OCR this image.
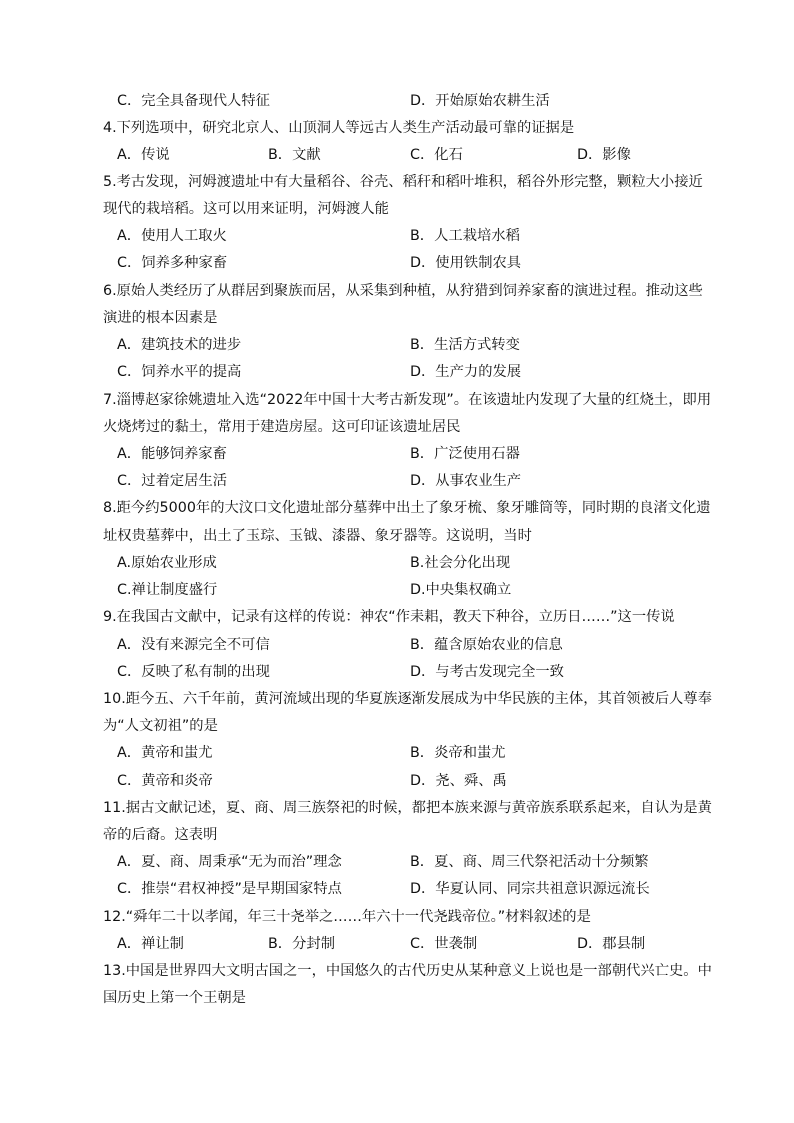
C．完全具备现代人特征	D．开始原始农耕生活
4.下列选项中，研究北京人、山顶洞人等远古人类生产活动最可靠的证据是
A．传说	B．文献	C．化石	D．影像
5.考古发现，河姆渡遗址中有大量稻谷、谷壳、稻秆和稻叶堆积，稻谷外形完整，颗粒大小接近
现代的栽培稻。这可以用来证明，河姆渡人能
A．使用人工取火	B．人工栽培水稻
C．饲养多种家畜	D．使用铁制农具
6.原始人类经历了从群居到聚族而居，从采集到种植，从狩猎到饲养家畜的演进过程。推动这些
演进的根本因素是
A．建筑技术的进步	B．生活方式转变
C．饲养水平的提高	D．生产力的发展
7.淄博赵家徐姚遗址入选“2022年中国十大考古新发现”。在该遗址内发现了大量的红烧土，即用
火烧烤过的黏土，常用于建造房屋。这可印证该遗址居民
A．能够饲养家畜	B．广泛使用石器
C．过着定居生活	D．从事农业生产
8.距今约5000年的大汶口文化遗址部分墓葬中出土了象牙梳、象牙雕筒等，同时期的良渚文化遗
址权贵墓葬中，出土了玉琮、玉钺、漆器、象牙器等。这说明，当时
A.原始农业形成	B.社会分化出现
C.禅让制度盛行	D.中央集权确立
9.在我国古文献中，记录有这样的传说：神农“作耒耜，教天下种谷，立历日……”这一传说
A．没有来源完全不可信	B．蕴含原始农业的信息
C．反映了私有制的出现	D．与考古发现完全一致
10.距今五、六千年前，黄河流域出现的华夏族逐渐发展成为中华民族的主体，其首领被后人尊奉
为“人文初祖”的是
A．黄帝和蚩尤	B．炎帝和蚩尤
C．黄帝和炎帝	D．尧、舜、禹
11.据古文献记述，夏、商、周三族祭祀的时候，都把本族来源与黄帝族系联系起来，自认为是黄
帝的后裔。这表明
A．夏、商、周秉承“无为而治”理念	B．夏、商、周三代祭祀活动十分频繁
C．推崇“君权神授”是早期国家特点	D．华夏认同、同宗共祖意识源远流长
12.“舜年二十以孝闻，年三十尧举之……年六十一代尧践帝位。”材料叙述的是
A．禅让制	B．分封制	C．世袭制	D．郡县制
13.中国是世界四大文明古国之一，中国悠久的古代历史从某种意义上说也是一部朝代兴亡史。中
国历史上第一个王朝是
